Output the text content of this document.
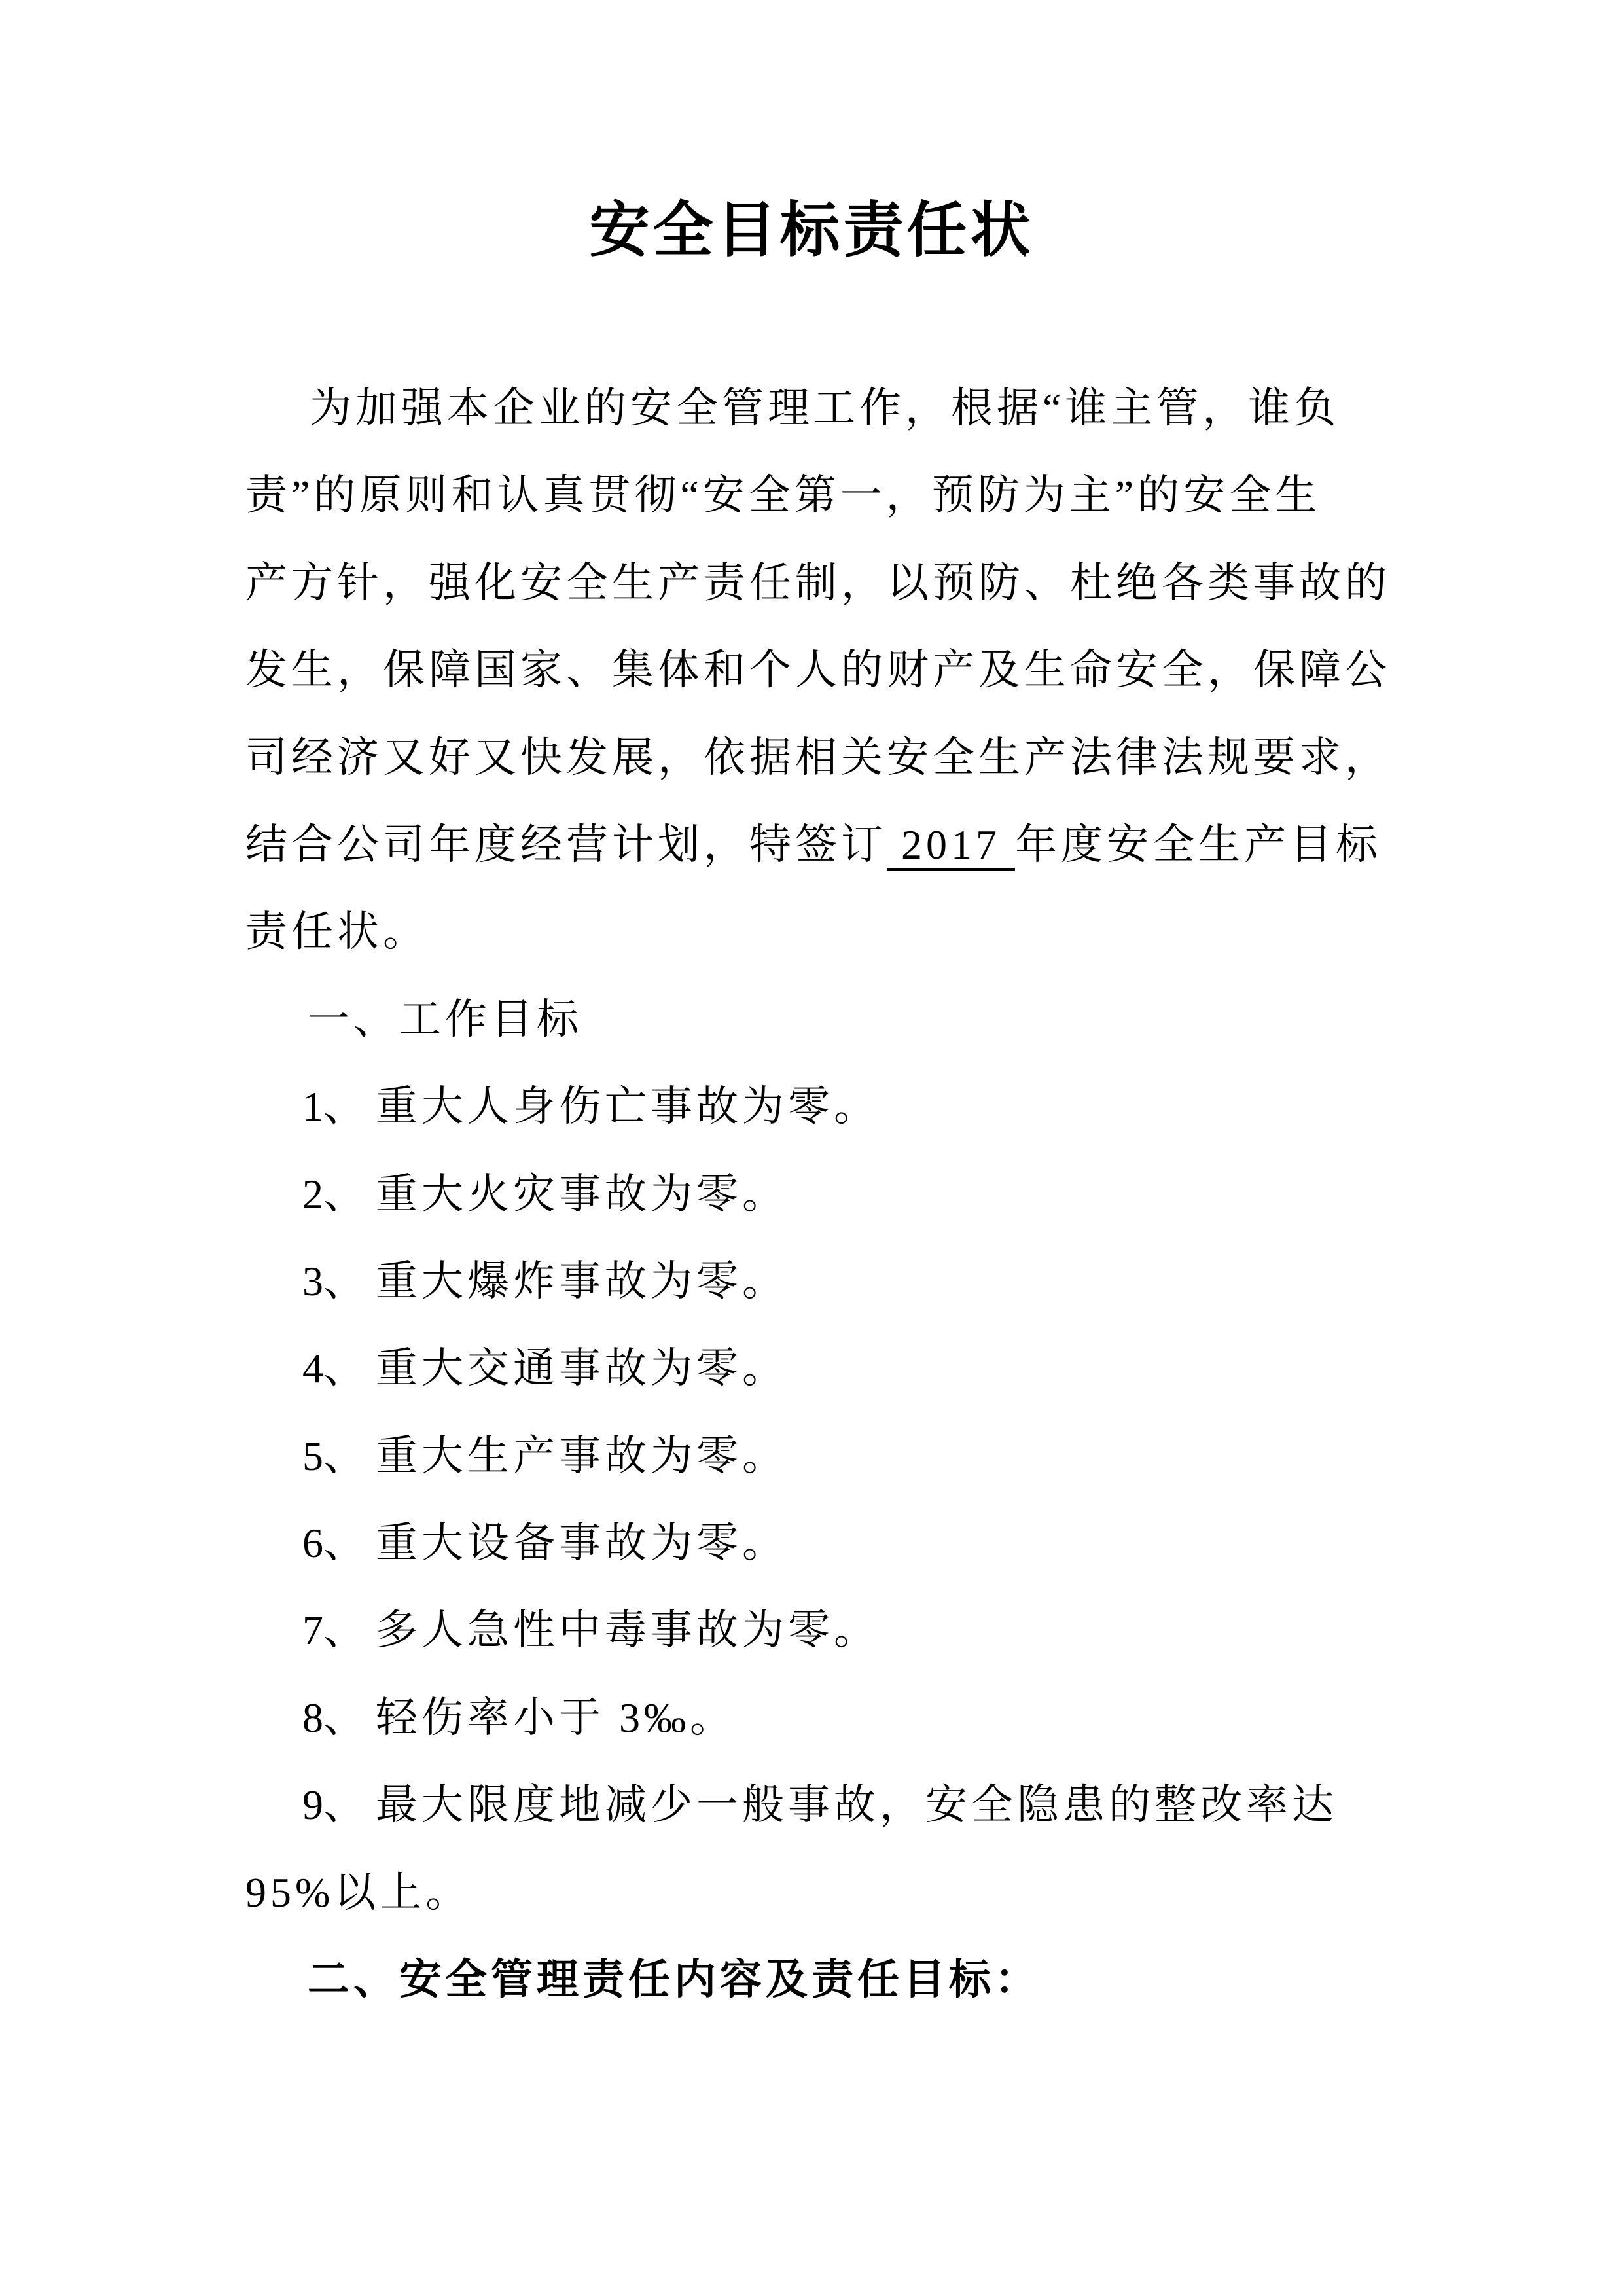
安全目标责任状
为加强本企业的安全管理工作，根据“谁主管，谁负
责”的原则和认真贯彻“安全第一，预防为主”的安全生
产方针，强化安全生产责任制，以预防、杜绝各类事故的
发生，保障国家、集体和个人的财产及生命安全，保障公
司经济又好又快发展，依据相关安全生产法律法规要求，
结合公司年度经营计划，特签订 2017 年度安全生产目标
责任状。
一、工作目标
1、 重大人身伤亡事故为零。
2、 重大火灾事故为零。
3、 重大爆炸事故为零。
4、 重大交通事故为零。
5、 重大生产事故为零。
6、 重大设备事故为零。
7、 多人急性中毒事故为零。
8、 轻伤率小于 3‰。
9、 最大限度地减少一般事故，安全隐患的整改率达
95%以上。
二、安全管理责任内容及责任目标：
